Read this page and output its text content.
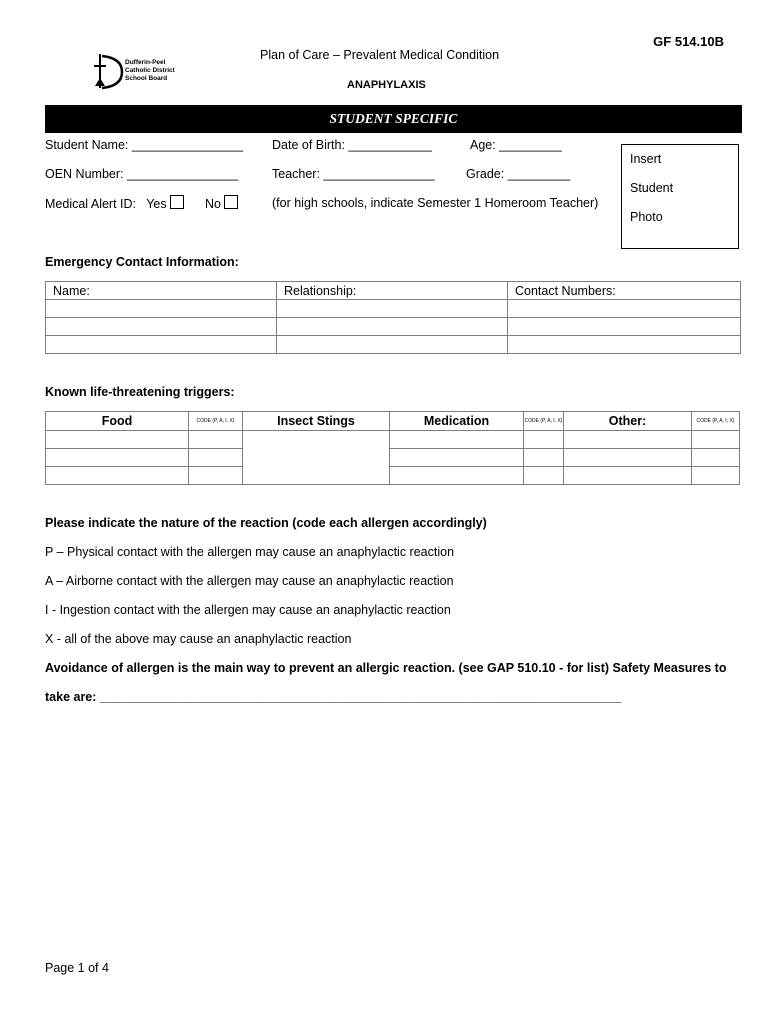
GF 514.10B
Dufferin-Peel Catholic District School Board
Plan of Care – Prevalent Medical Condition
ANAPHYLAXIS
STUDENT SPECIFIC
Student Name: ________________ Date of Birth: ____________	Age: _________
OEN Number: ________________	Teacher: ________________	Grade: _________
Medical Alert ID: Yes	No	(for high schools, indicate Semester 1 Homeroom Teacher)
Insert
Student
Photo
Emergency Contact Information:
Name:	Relationship:	Contact Numbers:

Known life-threatening triggers:
Food	CODE (P, A, I, X)	Insect Stings	Medication	CODE (P, A, I, X)	Other:	CODE (P, A, I, X)

Please indicate the nature of the reaction (code each allergen accordingly)
P – Physical contact with the allergen may cause an anaphylactic reaction
A – Airborne contact with the allergen may cause an anaphylactic reaction
I - Ingestion contact with the allergen may cause an anaphylactic reaction
X - all of the above may cause an anaphylactic reaction
Avoidance of allergen is the main way to prevent an allergic reaction. (see GAP 510.10 - for list) Safety Measures to
take are: ___________________________________________________________________________
Page 1 of 4
